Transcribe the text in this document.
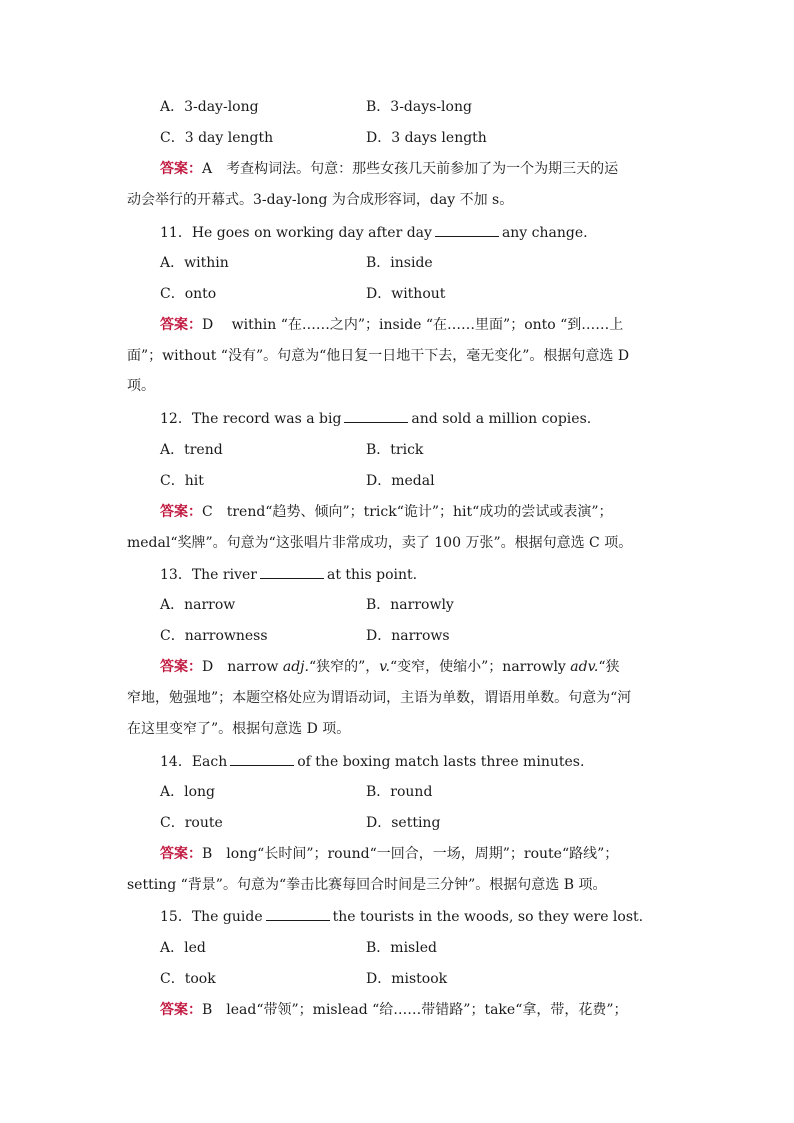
A．3-day-long	B．3-days-long
C．3 day length	D．3 days length
答案：A　考查构词法。句意：那些女孩几天前参加了为一个为期三天的运
动会举行的开幕式。3-day-long 为合成形容词，day 不加 s。
11．He goes on working day after day	any change.
A．within	B．inside
C．onto	D．without
答案：D　 within “在……之内”；inside “在……里面”；onto “到……上
面”；without “没有”。句意为“他日复一日地干下去，毫无变化”。根据句意选 D
项。
12．The record was a big	and sold a million copies.
A．trend	B．trick
C．hit	D．medal
答案：C　trend“趋势、倾向”；trick“诡计”；hit“成功的尝试或表演”；
medal“奖牌”。句意为“这张唱片非常成功，卖了 100 万张”。根据句意选 C 项。
13．The river	at this point.
A．narrow	B．narrowly
C．narrowness	D．narrows
答案：D　narrow adj.“狭窄的”，v.“变窄，使缩小”；narrowly adv.“狭
窄地，勉强地”；本题空格处应为谓语动词，主语为单数，谓语用单数。句意为“河
在这里变窄了”。根据句意选 D 项。
14．Each	of the boxing match lasts three minutes.
A．long	B．round
C．route	D．setting
答案：B　long“长时间”；round“一回合，一场，周期”；route“路线”；
setting “背景”。句意为“拳击比赛每回合时间是三分钟”。根据句意选 B 项。
15．The guide	the tourists in the woods, so they were lost.
A．led	B．misled
C．took	D．mistook
答案：B　lead“带领”；mislead “给……带错路”；take“拿，带，花费”；
